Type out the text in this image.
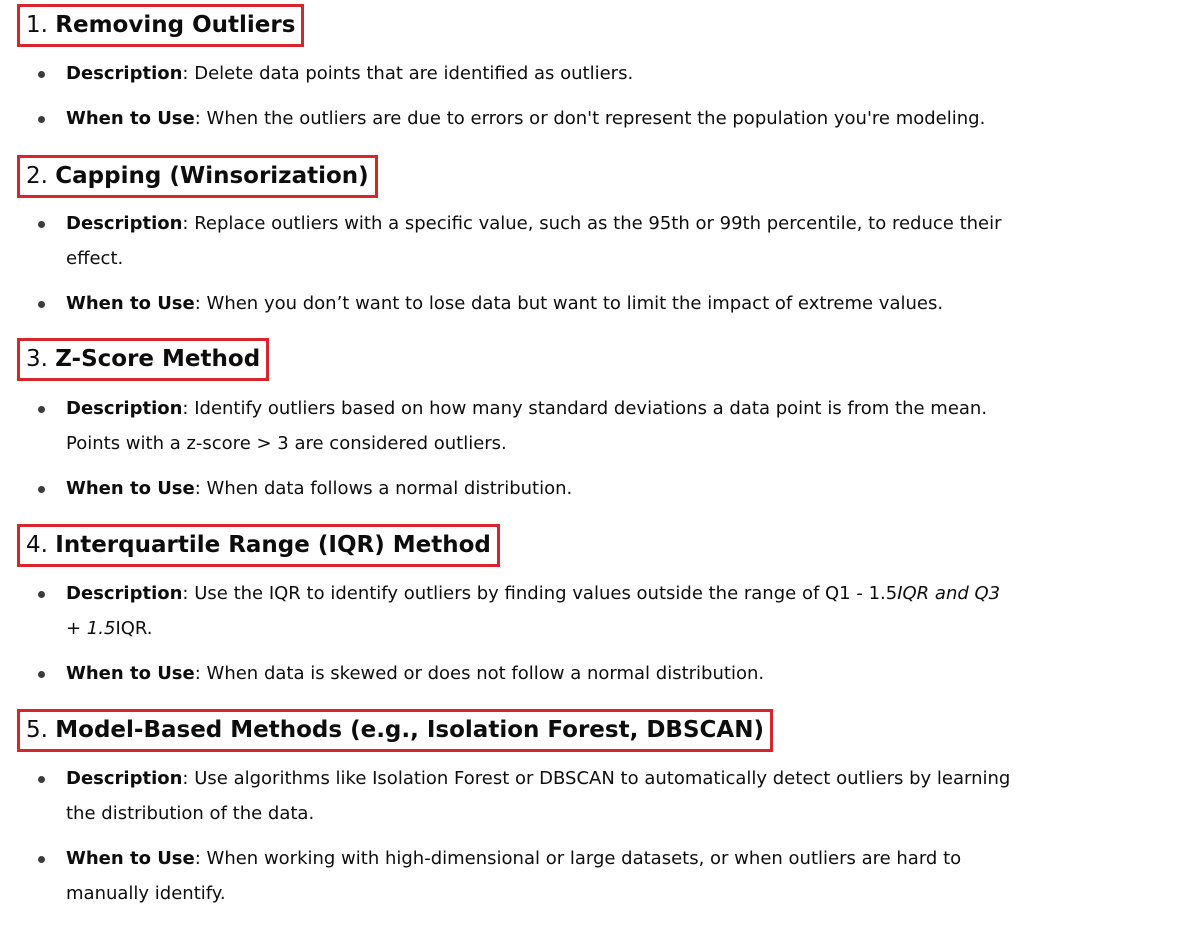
1. Removing Outliers
Description: Delete data points that are identified as outliers.
When to Use: When the outliers are due to errors or don't represent the population you're modeling.
2. Capping (Winsorization)
Description: Replace outliers with a specific value, such as the 95th or 99th percentile, to reduce their
effect.
When to Use: When you don’t want to lose data but want to limit the impact of extreme values.
3. Z-Score Method
Description: Identify outliers based on how many standard deviations a data point is from the mean.
Points with a z-score > 3 are considered outliers.
When to Use: When data follows a normal distribution.
4. Interquartile Range (IQR) Method
Description: Use the IQR to identify outliers by finding values outside the range of Q1 - 1.5IQR and Q3
+ 1.5IQR.
When to Use: When data is skewed or does not follow a normal distribution.
5. Model-Based Methods (e.g., Isolation Forest, DBSCAN)
Description: Use algorithms like Isolation Forest or DBSCAN to automatically detect outliers by learning
the distribution of the data.
When to Use: When working with high-dimensional or large datasets, or when outliers are hard to
manually identify.
